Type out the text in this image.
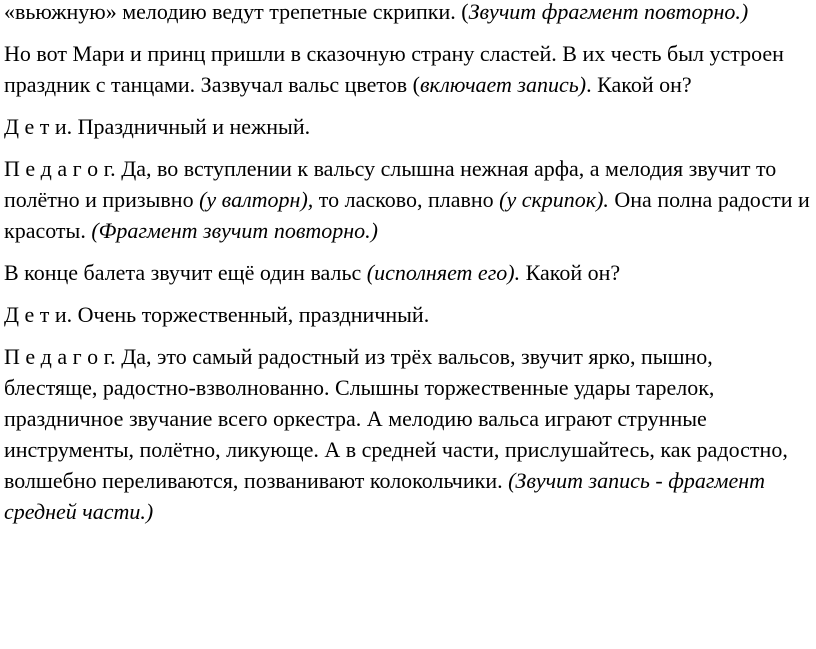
«вьюжную» мелодию ведут трепетные скрипки. (Звучит фрагмент повторно.)

Но вот Мари и принц пришли в сказочную страну сластей. В их честь был устроен праздник с танцами. Зазвучал вальс цветов (включает запись). Какой он?

Д е т и. Праздничный и нежный.

П е д а г о г. Да, во вступлении к вальсу слышна нежная арфа, а мелодия звучит то полётно и призывно (у валторн), то ласково, плавно (у скрипок). Она полна радости и красоты. (Фрагмент звучит повторно.)

В конце балета звучит ещё один вальс (исполняет его). Какой он?

Д е т и. Очень торжественный, праздничный.

П е д а г о г. Да, это самый радостный из трёх вальсов, звучит ярко, пышно, блестяще, радостно-взволнованно. Слышны торжественные удары тарелок, праздничное звучание всего оркестра. А мелодию вальса играют струнные инструменты, полётно, ликующе. А в средней части, прислушайтесь, как радостно, волшебно переливаются, позванивают колокольчики. (Звучит запись - фрагмент средней части.)
